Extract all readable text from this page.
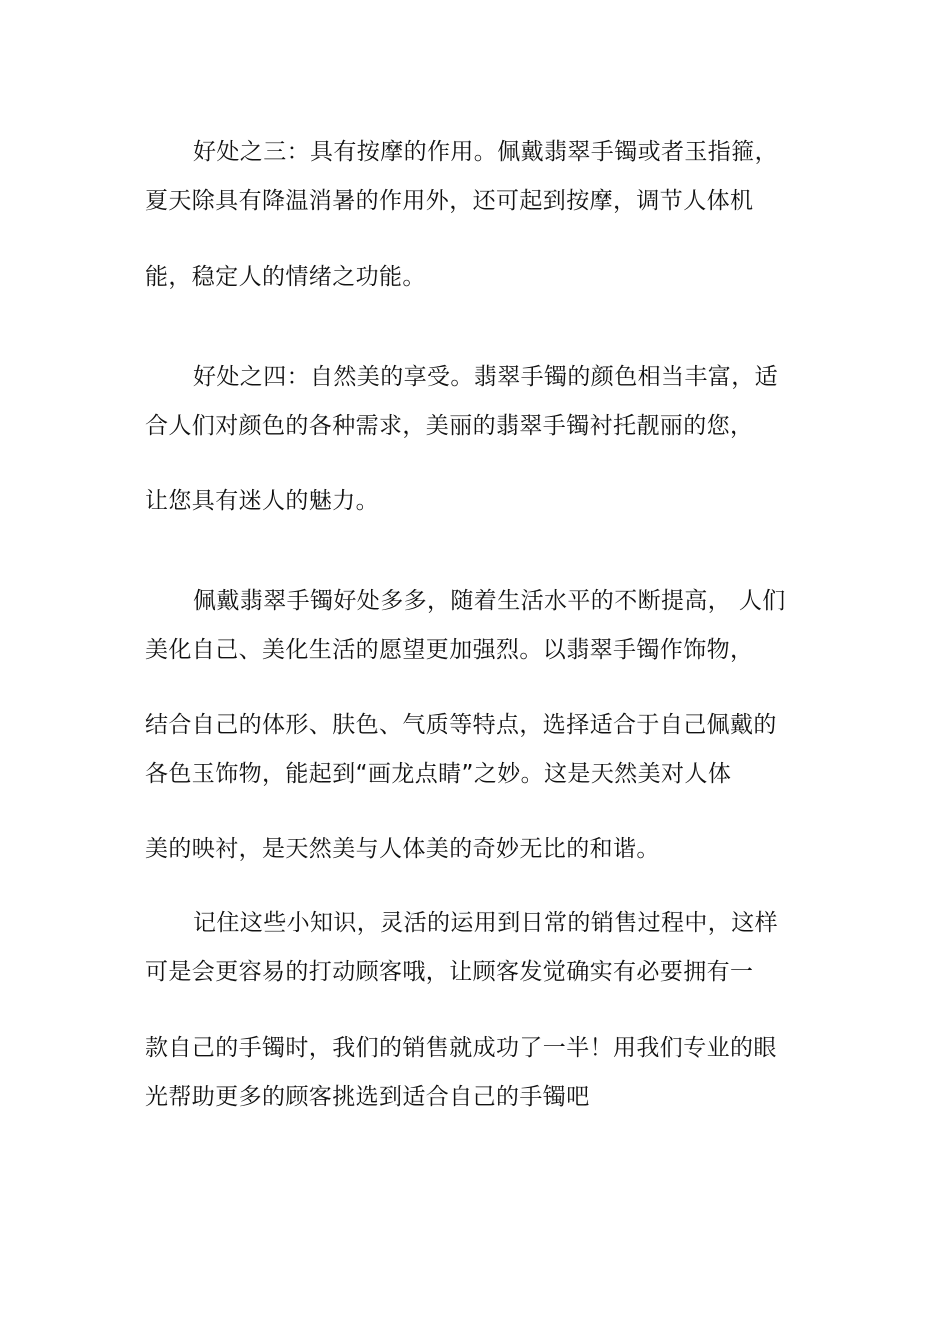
好处之三：具有按摩的作用。佩戴翡翠手镯或者玉指箍，
夏天除具有降温消暑的作用外，还可起到按摩，调节人体机
能，稳定人的情绪之功能。
好处之四：自然美的享受。翡翠手镯的颜色相当丰富，适
合人们对颜色的各种需求，美丽的翡翠手镯衬托靓丽的您，
让您具有迷人的魅力。
佩戴翡翠手镯好处多多，随着生活水平的不断提高， 人们
美化自己、美化生活的愿望更加强烈。以翡翠手镯作饰物，
结合自己的体形、肤色、气质等特点，选择适合于自己佩戴的
各色玉饰物，能起到“画龙点睛”之妙。这是天然美对人体
美的映衬，是天然美与人体美的奇妙无比的和谐。
记住这些小知识，灵活的运用到日常的销售过程中，这样
可是会更容易的打动顾客哦，让顾客发觉确实有必要拥有一
款自己的手镯时，我们的销售就成功了一半！用我们专业的眼
光帮助更多的顾客挑选到适合自己的手镯吧
